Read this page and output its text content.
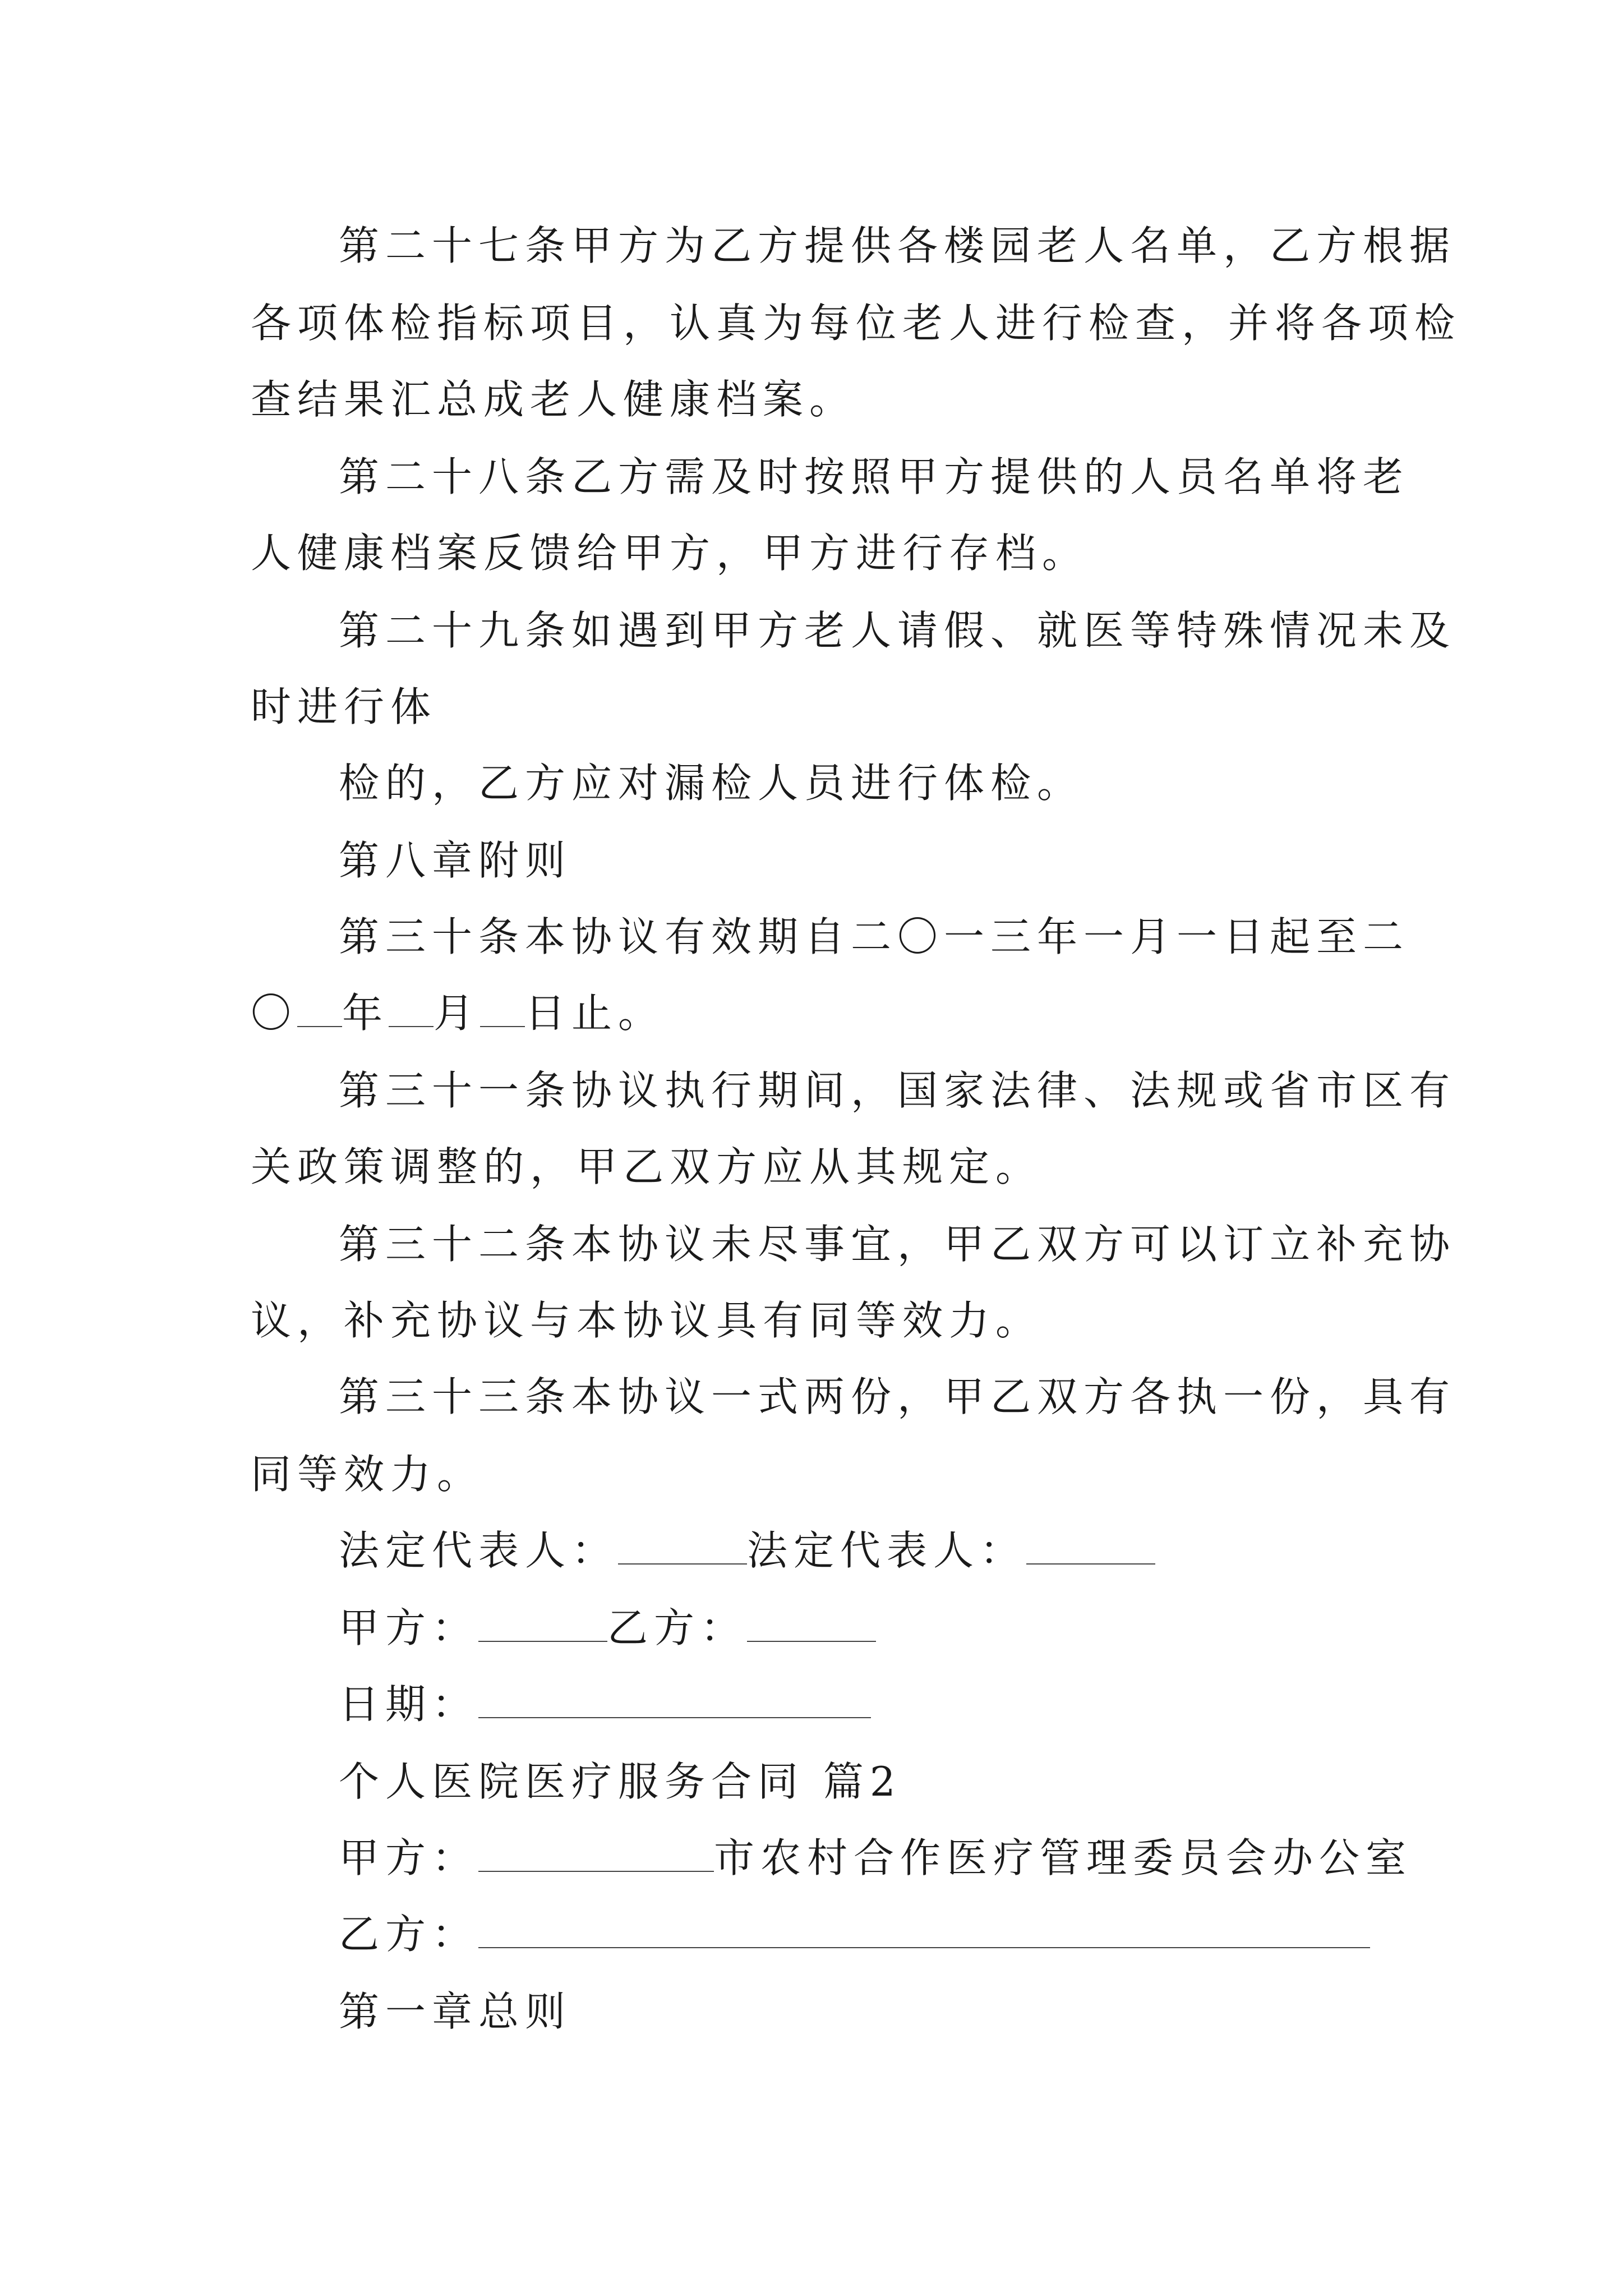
第二十七条甲方为乙方提供各楼园老人名单，乙方根据
各项体检指标项目，认真为每位老人进行检查，并将各项检
查结果汇总成老人健康档案。
第二十八条乙方需及时按照甲方提供的人员名单将老
人健康档案反馈给甲方，甲方进行存档。
第二十九条如遇到甲方老人请假、就医等特殊情况未及
时进行体
检的，乙方应对漏检人员进行体检。
第八章附则
第三十条本协议有效期自二〇一三年一月一日起至二
〇 年 月 日止。
第三十一条协议执行期间，国家法律、法规或省市区有
关政策调整的，甲乙双方应从其规定。
第三十二条本协议未尽事宜，甲乙双方可以订立补充协
议，补充协议与本协议具有同等效力。
第三十三条本协议一式两份，甲乙双方各执一份，具有
同等效力。
法定代表人：	法定代表人：
甲方：	乙方：
日期：
个人医院医疗服务合同 篇2
甲方：	市农村合作医疗管理委员会办公室
乙方：
第一章总则
